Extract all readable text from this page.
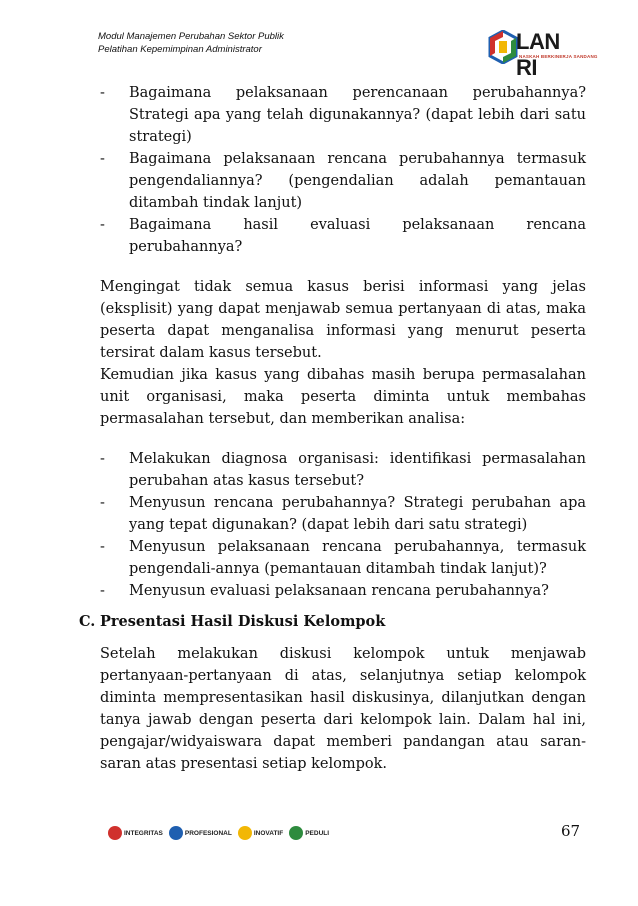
Modul Manajemen Perubahan Sektor Publik
Pelatihan Kepemimpinan Administrator	LAN RI
NASKAH BERKINERJA SANDANG
- Bagaimana pelaksanaan perencanaan perubahannya? Strategi apa yang telah digunakannya? (dapat lebih dari satu strategi)
- Bagaimana pelaksanaan rencana perubahannya termasuk pengendaliannya? (pengendalian adalah pemantauan ditambah tindak lanjut)
- Bagaimana hasil evaluasi pelaksanaan rencana perubahannya?

Mengingat tidak semua kasus berisi informasi yang jelas (eksplisit) yang dapat menjawab semua pertanyaan di atas, maka peserta dapat menganalisa informasi yang menurut peserta tersirat dalam kasus tersebut.

Kemudian jika kasus yang dibahas masih berupa permasalahan unit organisasi, maka peserta diminta untuk membahas permasalahan tersebut, dan memberikan analisa:

- Melakukan diagnosa organisasi: identifikasi permasalahan perubahan atas kasus tersebut?
- Menyusun rencana perubahannya? Strategi perubahan apa yang tepat digunakan? (dapat lebih dari satu strategi)
- Menyusun pelaksanaan rencana perubahannya, termasuk pengendali-annya (pemantauan ditambah tindak lanjut)?
- Menyusun evaluasi pelaksanaan rencana perubahannya?
C. Presentasi Hasil Diskusi Kelompok
Setelah melakukan diskusi kelompok untuk menjawab pertanyaan-pertanyaan di atas, selanjutnya setiap kelompok diminta mempresentasikan hasil diskusinya, dilanjutkan dengan tanya jawab dengan peserta dari kelompok lain. Dalam hal ini, pengajar/widyaiswara dapat memberi pandangan atau saran-saran atas presentasi setiap kelompok.
INTEGRITAS	PROFESIONAL	INOVATIF	PEDULI	67
